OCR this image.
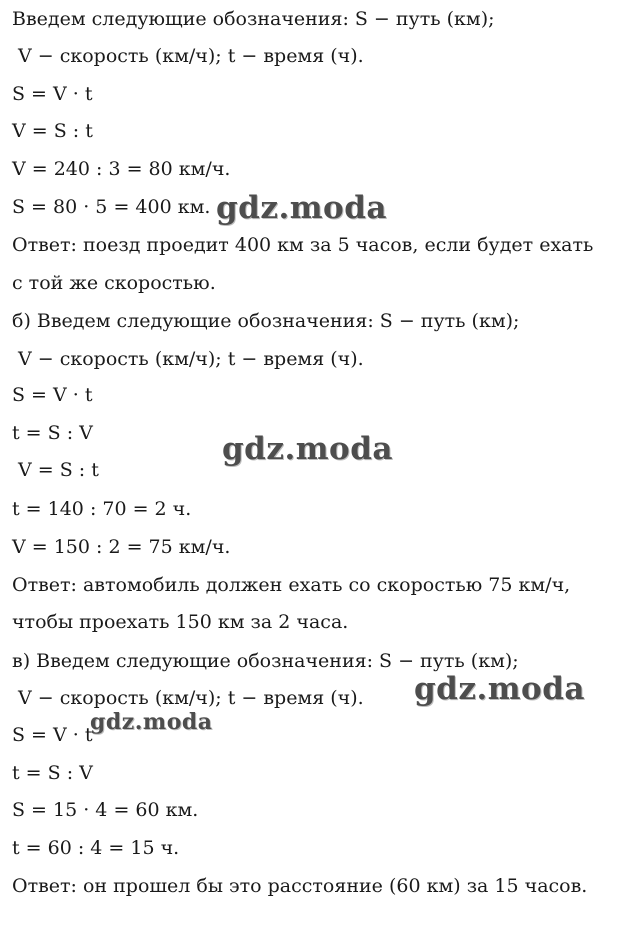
Введем следующие обозначения: S − путь (км);
V − скорость (км/ч); t − время (ч).
S = V · t
V = S : t
V = 240 : 3 = 80 км/ч.
S = 80 · 5 = 400 км.
Ответ: поезд проедит 400 км за 5 часов, если будет ехать
с той же скоростью.
б) Введем следующие обозначения: S − путь (км);
V − скорость (км/ч); t − время (ч).
S = V · t
t = S : V
V = S : t
t = 140 : 70 = 2 ч.
V = 150 : 2 = 75 км/ч.
Ответ: автомобиль должен ехать со скоростью 75 км/ч,
чтобы проехать 150 км за 2 часа.
в) Введем следующие обозначения: S − путь (км);
V − скорость (км/ч); t − время (ч).
S = V · t
t = S : V
S = 15 · 4 = 60 км.
t = 60 : 4 = 15 ч.
Ответ: он прошел бы это расстояние (60 км) за 15 часов.
gdz.moda
gdz.moda
gdz.moda
gdz.moda
